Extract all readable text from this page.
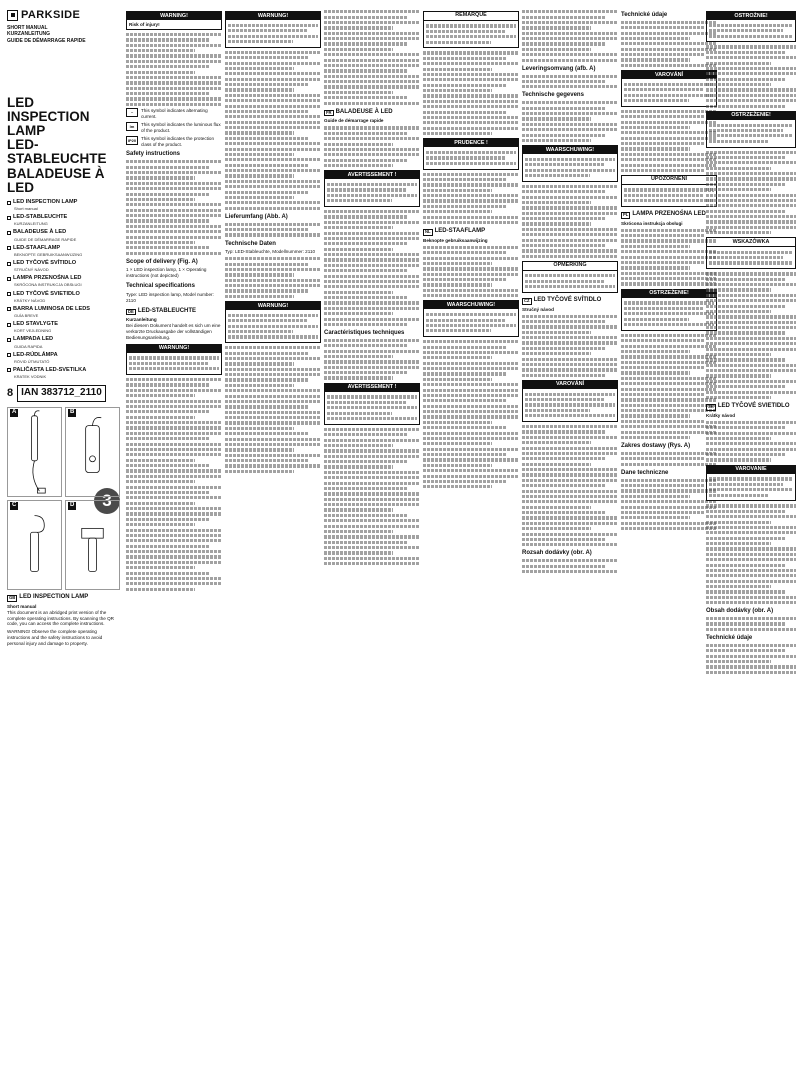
PARKSIDE
SHORT MANUAL
KURZANLEITUNG
GUIDE DE DÉMARRAGE RAPIDE
LED INSPECTION LAMP
LED-STABLEUCHTE
BALADEUSE À LED
LED INSPECTION LAMP
Short manual
LED-STABLEUCHTE
KURZANLEITUNG
BALADEUSE À LED
GUIDE DE DÉMARRAGE RAPIDE
LED-STAAFLAMP
BEKNOPTE GEBRUIKSAANWIJZING
LED TYČOVÉ SVÍTIDLO
STRUČNÝ NÁVOD
LAMPA PRZENOŚNA LED
SKRÓCONA INSTRUKCJA OBSŁUGI
LED TYČOVÉ SVIETIDLO
KRÁTKY NÁVOD
BARRA LUMINOSA DE LEDS
GUÍA BREVE
LED STAVLYGTE
KORT VEJLEDNING
LAMPADA LED
GUIDA RAPIDA
LED-RÚDLÁMPA
RÖVID ÚTMUTATÓ
PALIČASTA LED-SVETILKA
KRATEK VODNIK
3
8 IAN 383712_2110
A	B
C	D
GB LED INSPECTION LAMP
Short manual

This document is an abridged print version of the complete operating instructions. By scanning the QR code, you can access the complete instructions.

WARNING! Observe the complete operating instructions and the safety instructions to avoid personal injury and damage to property.

WARNING!
Risk of injury!
~	This symbol indicates alternating current.
lm	This symbol indicates the luminous flux of the product.
IP20	This symbol indicates the protection class of the product.
Safety instructions
Scope of delivery (Fig. A)

1 × LED inspection lamp, 1 × Operating instructions (not depicted)

Technical specifications

Type: LED inspection lamp, Model number: 2110

DE LED-STABLEUCHTE
Kurzanleitung

Bei diesem Dokument handelt es sich um eine verkürzte Druckausgabe der vollständigen Bedienungsanleitung.

WARNUNG!
WARNUNG!
Lieferumfang (Abb. A)
Technische Daten

Typ: LED-Stableuchte, Modellnummer: 2110

WARNUNG!
FR BALADEUSE À LED
Guide de démarrage rapide
AVERTISSEMENT !
Caractéristiques techniques
AVERTISSEMENT !
REMARQUE
PRUDENCE !
NL LED-STAAFLAMP
Beknopte gebruiksaanwijzing
WAARSCHUWING!
Leveringsomvang (afb. A)
Technische gegevens
WAARSCHUWING!
OPMERKING
CZ LED TYČOVÉ SVÍTIDLO
Stručný návod
VAROVÁNÍ
Rozsah dodávky (obr. A)
Technické údaje
VAROVÁNÍ
UPOZORNĚNÍ
PL LAMPA PRZENOŚNA LED
Skrócona instrukcja obsługi
OSTRZEŻENIE!
Zakres dostawy (Rys. A)
Dane techniczne
OSTROŻNIE!
OSTRZEŻENIE!
WSKAZÓWKA
SK LED TYČOVÉ SVIETIDLO
Krátky návod
VAROVANIE
Obsah dodávky (obr. A)
Technické údaje
